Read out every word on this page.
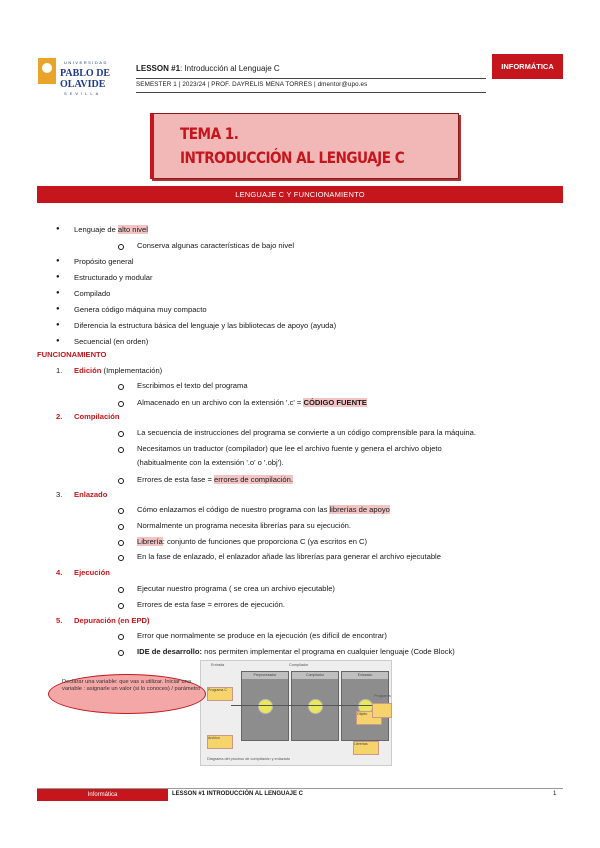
UNIVERSIDAD
PABLO DE
OLAVIDE
SEVILLA
LESSON #1: Introducción al Lenguaje C
SEMESTER 1 | 2023/24 | PROF. DAYRELIS MENA TORRES | dmentor@upo.es
INFORMÁTICA
TEMA 1.
INTRODUCCIÓN AL LENGUAJE C
LENGUAJE C Y FUNCIONAMIENTO
● Lenguaje de alto nivel
Conserva algunas características de bajo nivel
● Propósito general
● Estructurado y modular
● Compilado
● Genera código máquina muy compacto
● Diferencia la estructura básica del lenguaje y las bibliotecas de apoyo (ayuda)
● Secuencial (en orden)
FUNCIONAMIENTO
1. Edición (Implementación)
Escribimos el texto del programa
Almacenado en un archivo con la extensión '.c' = CÓDIGO FUENTE
2. Compilación
La secuencia de instrucciones del programa se convierte a un código comprensible para la máquina.
Necesitamos un traductor (compilador) que lee el archivo fuente y genera el archivo objeto
(habitualmente con la extensión '.o' o '.obj').
Errores de esta fase = errores de compilación.
3. Enlazado
Cómo enlazamos el código de nuestro programa con las librerías de apoyo
Normalmente un programa necesita librerías para su ejecución.
Librería: conjunto de funciones que proporciona C (ya escritos en C)
En la fase de enlazado, el enlazador añade las librerías para generar el archivo ejecutable
4. Ejecución
Ejecutar nuestro programa ( se crea un archivo ejecutable)
Errores de esta fase = errores de ejecución.
5. Depuración (en EPD)
Error que normalmente se produce en la ejecución (es difícil de encontrar)
IDE de desarrollo: nos permiten implementar el programa en cualquier lenguaje (Code Block)
Entrada	Compilador
Preprocesador	Compilador	Enlazado
Programa C
Archivo
Objeto
Librerías
Diagrama del proceso de compilación y enlazado
Programa
Declarar una variable: que vas a utilizar. Iniciar una variable : asignarle un valor (si lo conoces) / parámetro
Informática	LESSON #1 INTRODUCCIÓN AL LENGUAJE C	1
